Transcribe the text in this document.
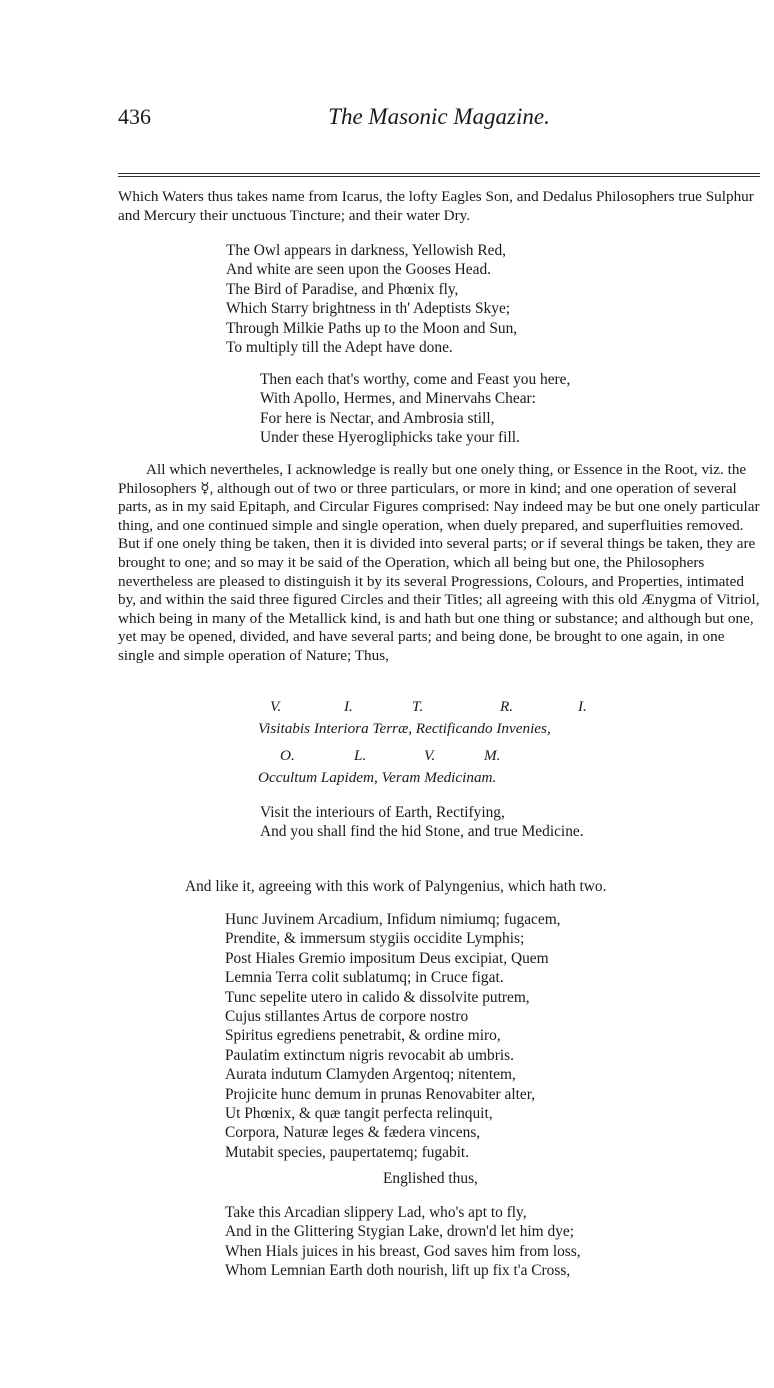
436	The Masonic Magazine.

Which Waters thus takes name from Icarus, the lofty Eagles Son, and Dedalus Philosophers true Sulphur and Mercury their unctuous Tincture; and their water Dry.

The Owl appears in darkness, Yellowish Red,
And white are seen upon the Gooses Head.
The Bird of Paradise, and Phœnix fly,
Which Starry brightness in th' Adeptists Skye;
Through Milkie Paths up to the Moon and Sun,
To multiply till the Adept have done.
Then each that's worthy, come and Feast you here,
With Apollo, Hermes, and Minervahs Chear:
For here is Nectar, and Ambrosia still,
Under these Hyerogliphicks take your fill.

All which nevertheles, I acknowledge is really but one onely thing, or Essence in the Root, viz. the Philosophers ☿, although out of two or three particulars, or more in kind; and one operation of several parts, as in my said Epitaph, and Circular Figures comprised: Nay indeed may be but one onely particular thing, and one continued simple and single operation, when duely prepared, and superfluities removed. But if one onely thing be taken, then it is divided into several parts; or if several things be taken, they are brought to one; and so may it be said of the Operation, which all being but one, the Philosophers nevertheless are pleased to distinguish it by its several Progressions, Colours, and Properties, intimated by, and within the said three figured Circles and their Titles; all agreeing with this old Ænygma of Vitriol, which being in many of the Metallick kind, is and hath but one thing or substance; and although but one, yet may be opened, divided, and have several parts; and being done, be brought to one again, in one single and simple operation of Nature; Thus,

V.	I.	T.	R.	I.
Visitabis Interiora Terræ, Rectificando Invenies,
O.	L.	V.	M.
Occultum Lapidem, Veram Medicinam.
Visit the interiours of Earth, Rectifying,
And you shall find the hid Stone, and true Medicine.
And like it, agreeing with this work of Palyngenius, which hath two.
Hunc Juvinem Arcadium, Infidum nimiumq; fugacem,
Prendite, & immersum stygiis occidite Lymphis;
Post Hiales Gremio impositum Deus excipiat, Quem
Lemnia Terra colit sublatumq; in Cruce figat.
Tunc sepelite utero in calido & dissolvite putrem,
Cujus stillantes Artus de corpore nostro
Spiritus egrediens penetrabit, & ordine miro,
Paulatim extinctum nigris revocabit ab umbris.
Aurata indutum Clamyden Argentoq; nitentem,
Projicite hunc demum in prunas Renovabiter alter,
Ut Phœnix, & quæ tangit perfecta relinquit,
Corpora, Naturæ leges & fædera vincens,
Mutabit species, paupertatemq; fugabit.
Englished thus,
Take this Arcadian slippery Lad, who's apt to fly,
And in the Glittering Stygian Lake, drown'd let him dye;
When Hials juices in his breast, God saves him from loss,
Whom Lemnian Earth doth nourish, lift up fix t'a Cross,
